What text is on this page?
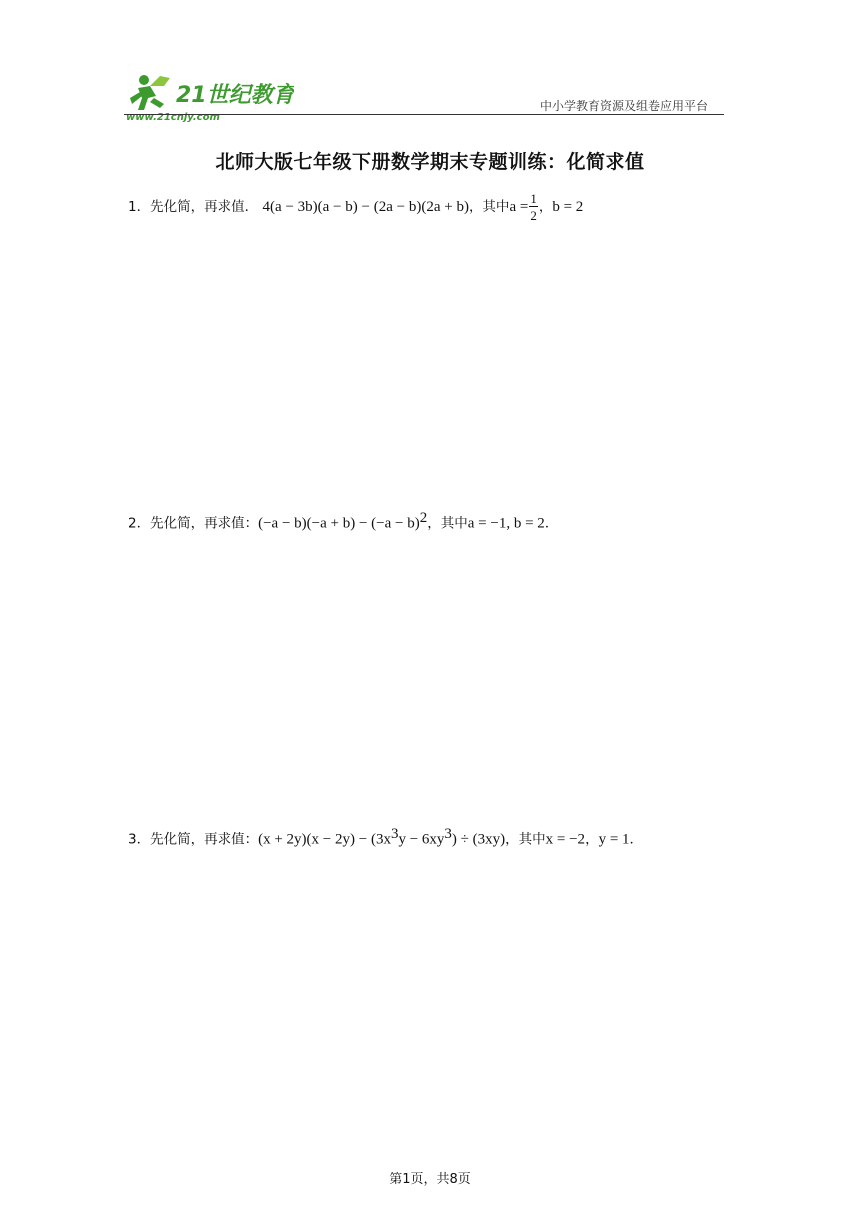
21世纪教育
www.21cnjy.com
中小学教育资源及组卷应用平台
北师大版七年级下册数学期末专题训练：化简求值
1．先化简，再求值． 4(a − 3b)(a − b) − (2a − b)(2a + b)，其中$a = \frac{1}{2}$ ，b = 2
2．先化简，再求值：$(-a - b)(-a + b) - (-a - b)^2$，其中a = −1, b = 2．
3．先化简，再求值：$(x + 2y)(x - 2y) - (3x^3y - 6xy^3) \div (3xy)$，其中x = −2，y = 1．
第1页，共8页
